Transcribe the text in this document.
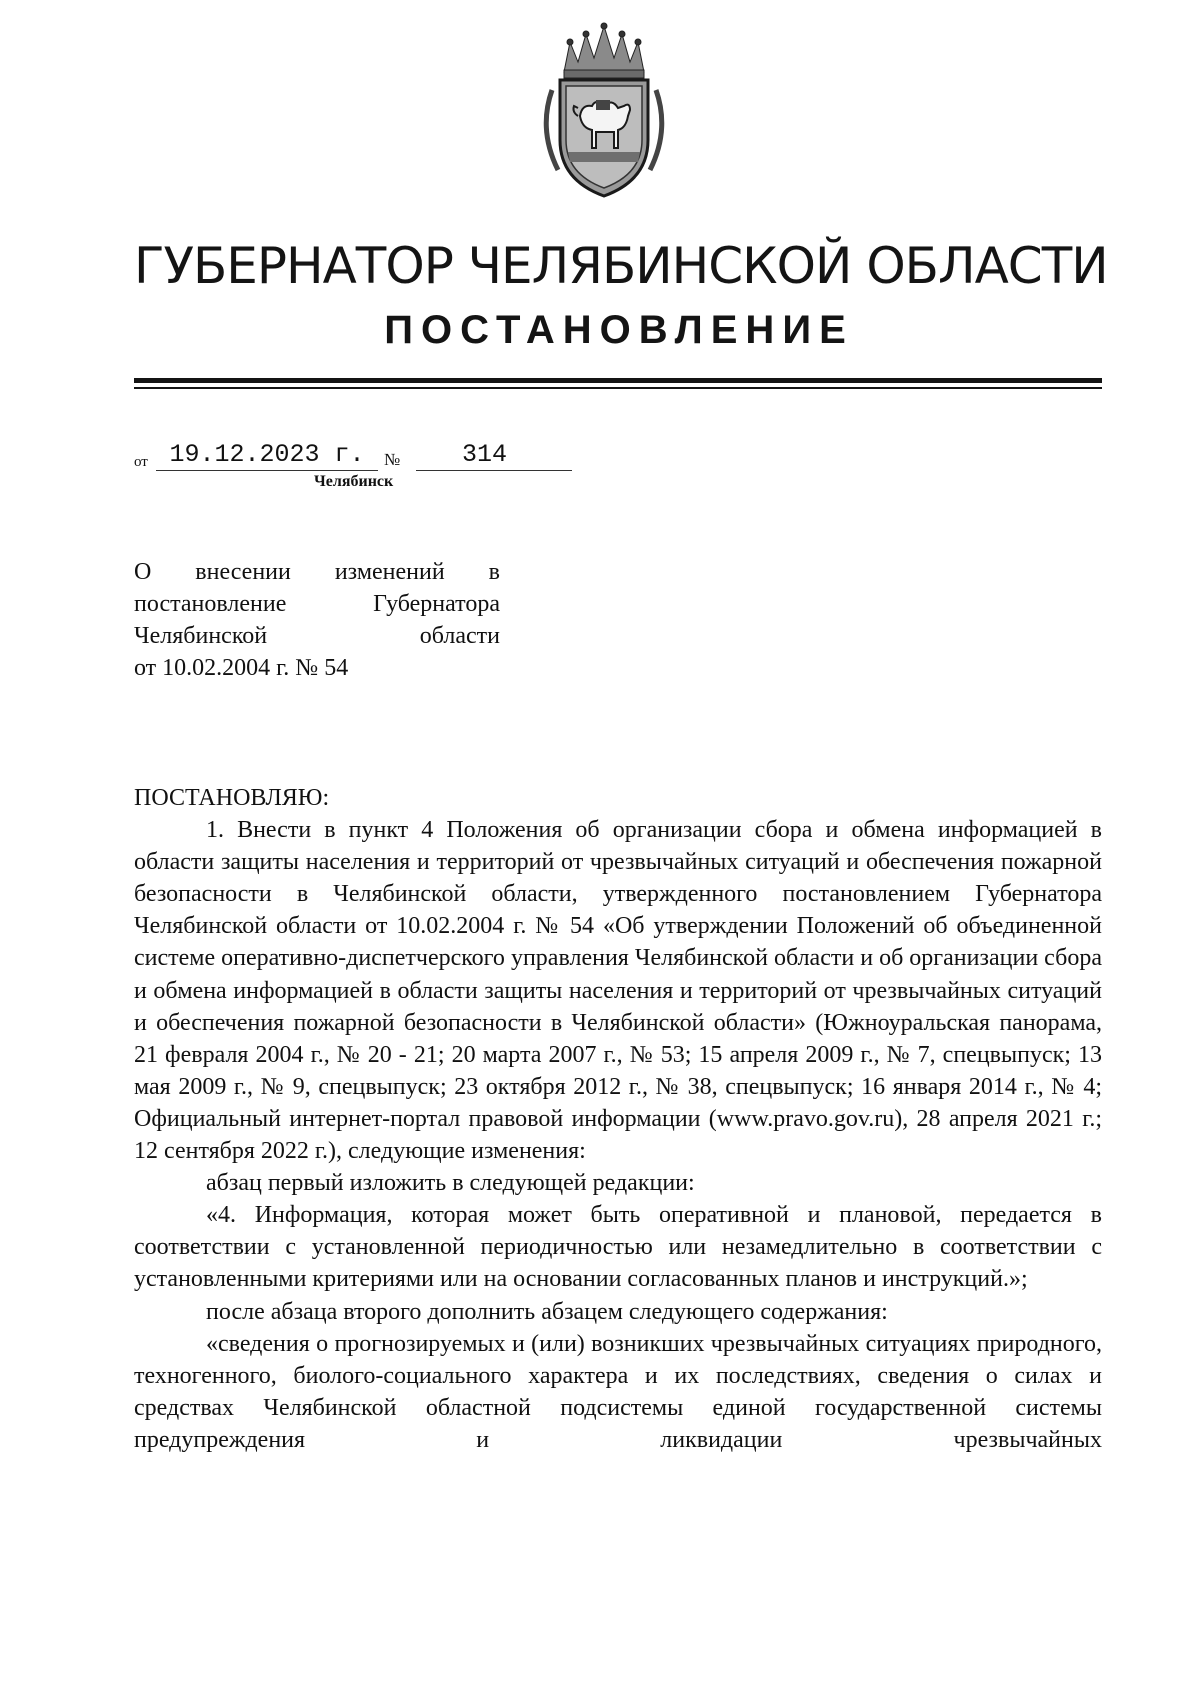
ГУБЕРНАТОР ЧЕЛЯБИНСКОЙ ОБЛАСТИ
ПОСТАНОВЛЕНИЕ
от 19.12.2023 г.	№	314
Челябинск
О внесении изменений в
постановление Губернатора
Челябинской области
от 10.02.2004 г. № 54

ПОСТАНОВЛЯЮ:

1. Внести в пункт 4 Положения об организации сбора и обмена информацией в области защиты населения и территорий от чрезвычайных ситуаций и обеспечения пожарной безопасности в Челябинской области, утвержденного постановлением Губернатора Челябинской области от 10.02.2004 г. № 54 «Об утверждении Положений об объединенной системе оперативно-диспетчерского управления Челябинской области и об организации сбора и обмена информацией в области защиты населения и территорий от чрезвычайных ситуаций и обеспечения пожарной безопасности в Челябинской области» (Южноуральская панорама, 21 февраля 2004 г., № 20 - 21; 20 марта 2007 г., № 53; 15 апреля 2009 г., № 7, спецвыпуск; 13 мая 2009 г., № 9, спецвыпуск; 23 октября 2012 г., № 38, спецвыпуск; 16 января 2014 г., № 4; Официальный интернет-портал правовой информации (www.pravo.gov.ru), 28 апреля 2021 г.; 12 сентября 2022 г.), следующие изменения:

абзац первый изложить в следующей редакции:

«4. Информация, которая может быть оперативной и плановой, передается в соответствии с установленной периодичностью или незамедлительно в соответствии с установленными критериями или на основании согласованных планов и инструкций.»;

после абзаца второго дополнить абзацем следующего содержания:

«сведения о прогнозируемых и (или) возникших чрезвычайных ситуациях природного, техногенного, биолого-социального характера и их последствиях, сведения о силах и средствах Челябинской областной подсистемы единой государственной системы предупреждения и ликвидации чрезвычайных
